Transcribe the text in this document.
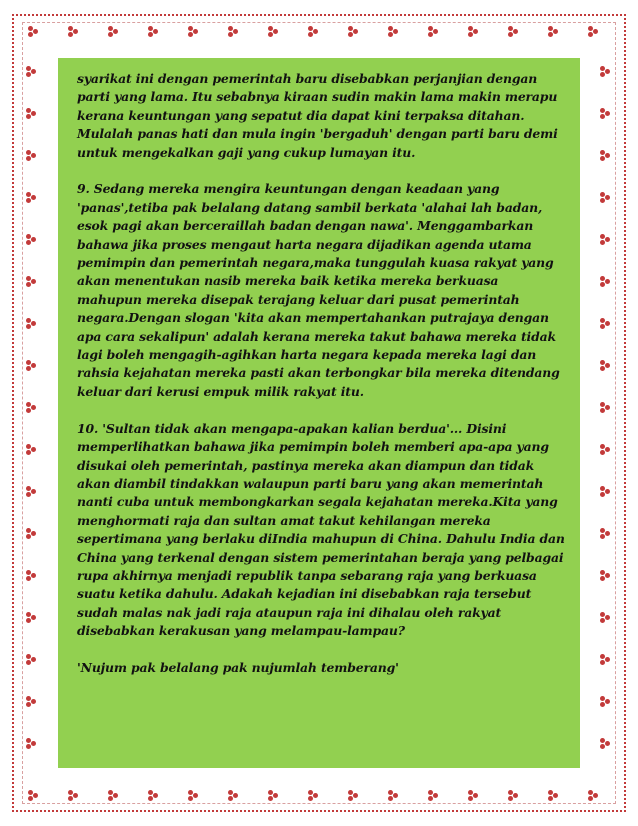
syarikat ini dengan pemerintah baru disebabkan perjanjian dengan parti yang lama. Itu sebabnya kiraan sudin makin lama makin merapu kerana keuntungan yang sepatut dia dapat kini terpaksa ditahan. Mulalah panas hati dan mula ingin 'bergaduh' dengan parti baru demi untuk mengekalkan gaji yang cukup lumayan itu.

9. Sedang mereka mengira keuntungan dengan keadaan yang 'panas',tetiba pak belalang datang sambil berkata 'alahai lah badan, esok pagi akan berceraillah badan dengan nawa'. Menggambarkan bahawa jika proses mengaut harta negara dijadikan agenda utama pemimpin dan pemerintah negara,maka tunggulah kuasa rakyat yang akan menentukan nasib mereka baik ketika mereka berkuasa mahupun mereka disepak terajang keluar dari pusat pemerintah negara.Dengan slogan 'kita akan mempertahankan putrajaya dengan apa cara sekalipun' adalah kerana mereka takut bahawa mereka tidak lagi boleh mengagih-agihkan harta negara kepada mereka lagi dan rahsia kejahatan mereka pasti akan terbongkar bila mereka ditendang keluar dari kerusi empuk milik rakyat itu.

10. 'Sultan tidak akan mengapa-apakan kalian berdua'... Disini memperlihatkan bahawa jika pemimpin boleh memberi apa-apa yang disukai oleh pemerintah, pastinya mereka akan diampun dan tidak akan diambil tindakkan walaupun parti baru yang akan memerintah nanti cuba untuk membongkarkan segala kejahatan mereka.Kita yang menghormati raja dan sultan amat takut kehilangan mereka sepertimana yang berlaku diIndia mahupun di China. Dahulu India dan China yang terkenal dengan sistem pemerintahan beraja yang pelbagai rupa akhirnya menjadi republik tanpa sebarang raja yang berkuasa suatu ketika dahulu. Adakah kejadian ini disebabkan raja tersebut sudah malas nak jadi raja ataupun raja ini dihalau oleh rakyat disebabkan kerakusan yang melampau-lampau?

'Nujum pak belalang pak nujumlah temberang'
